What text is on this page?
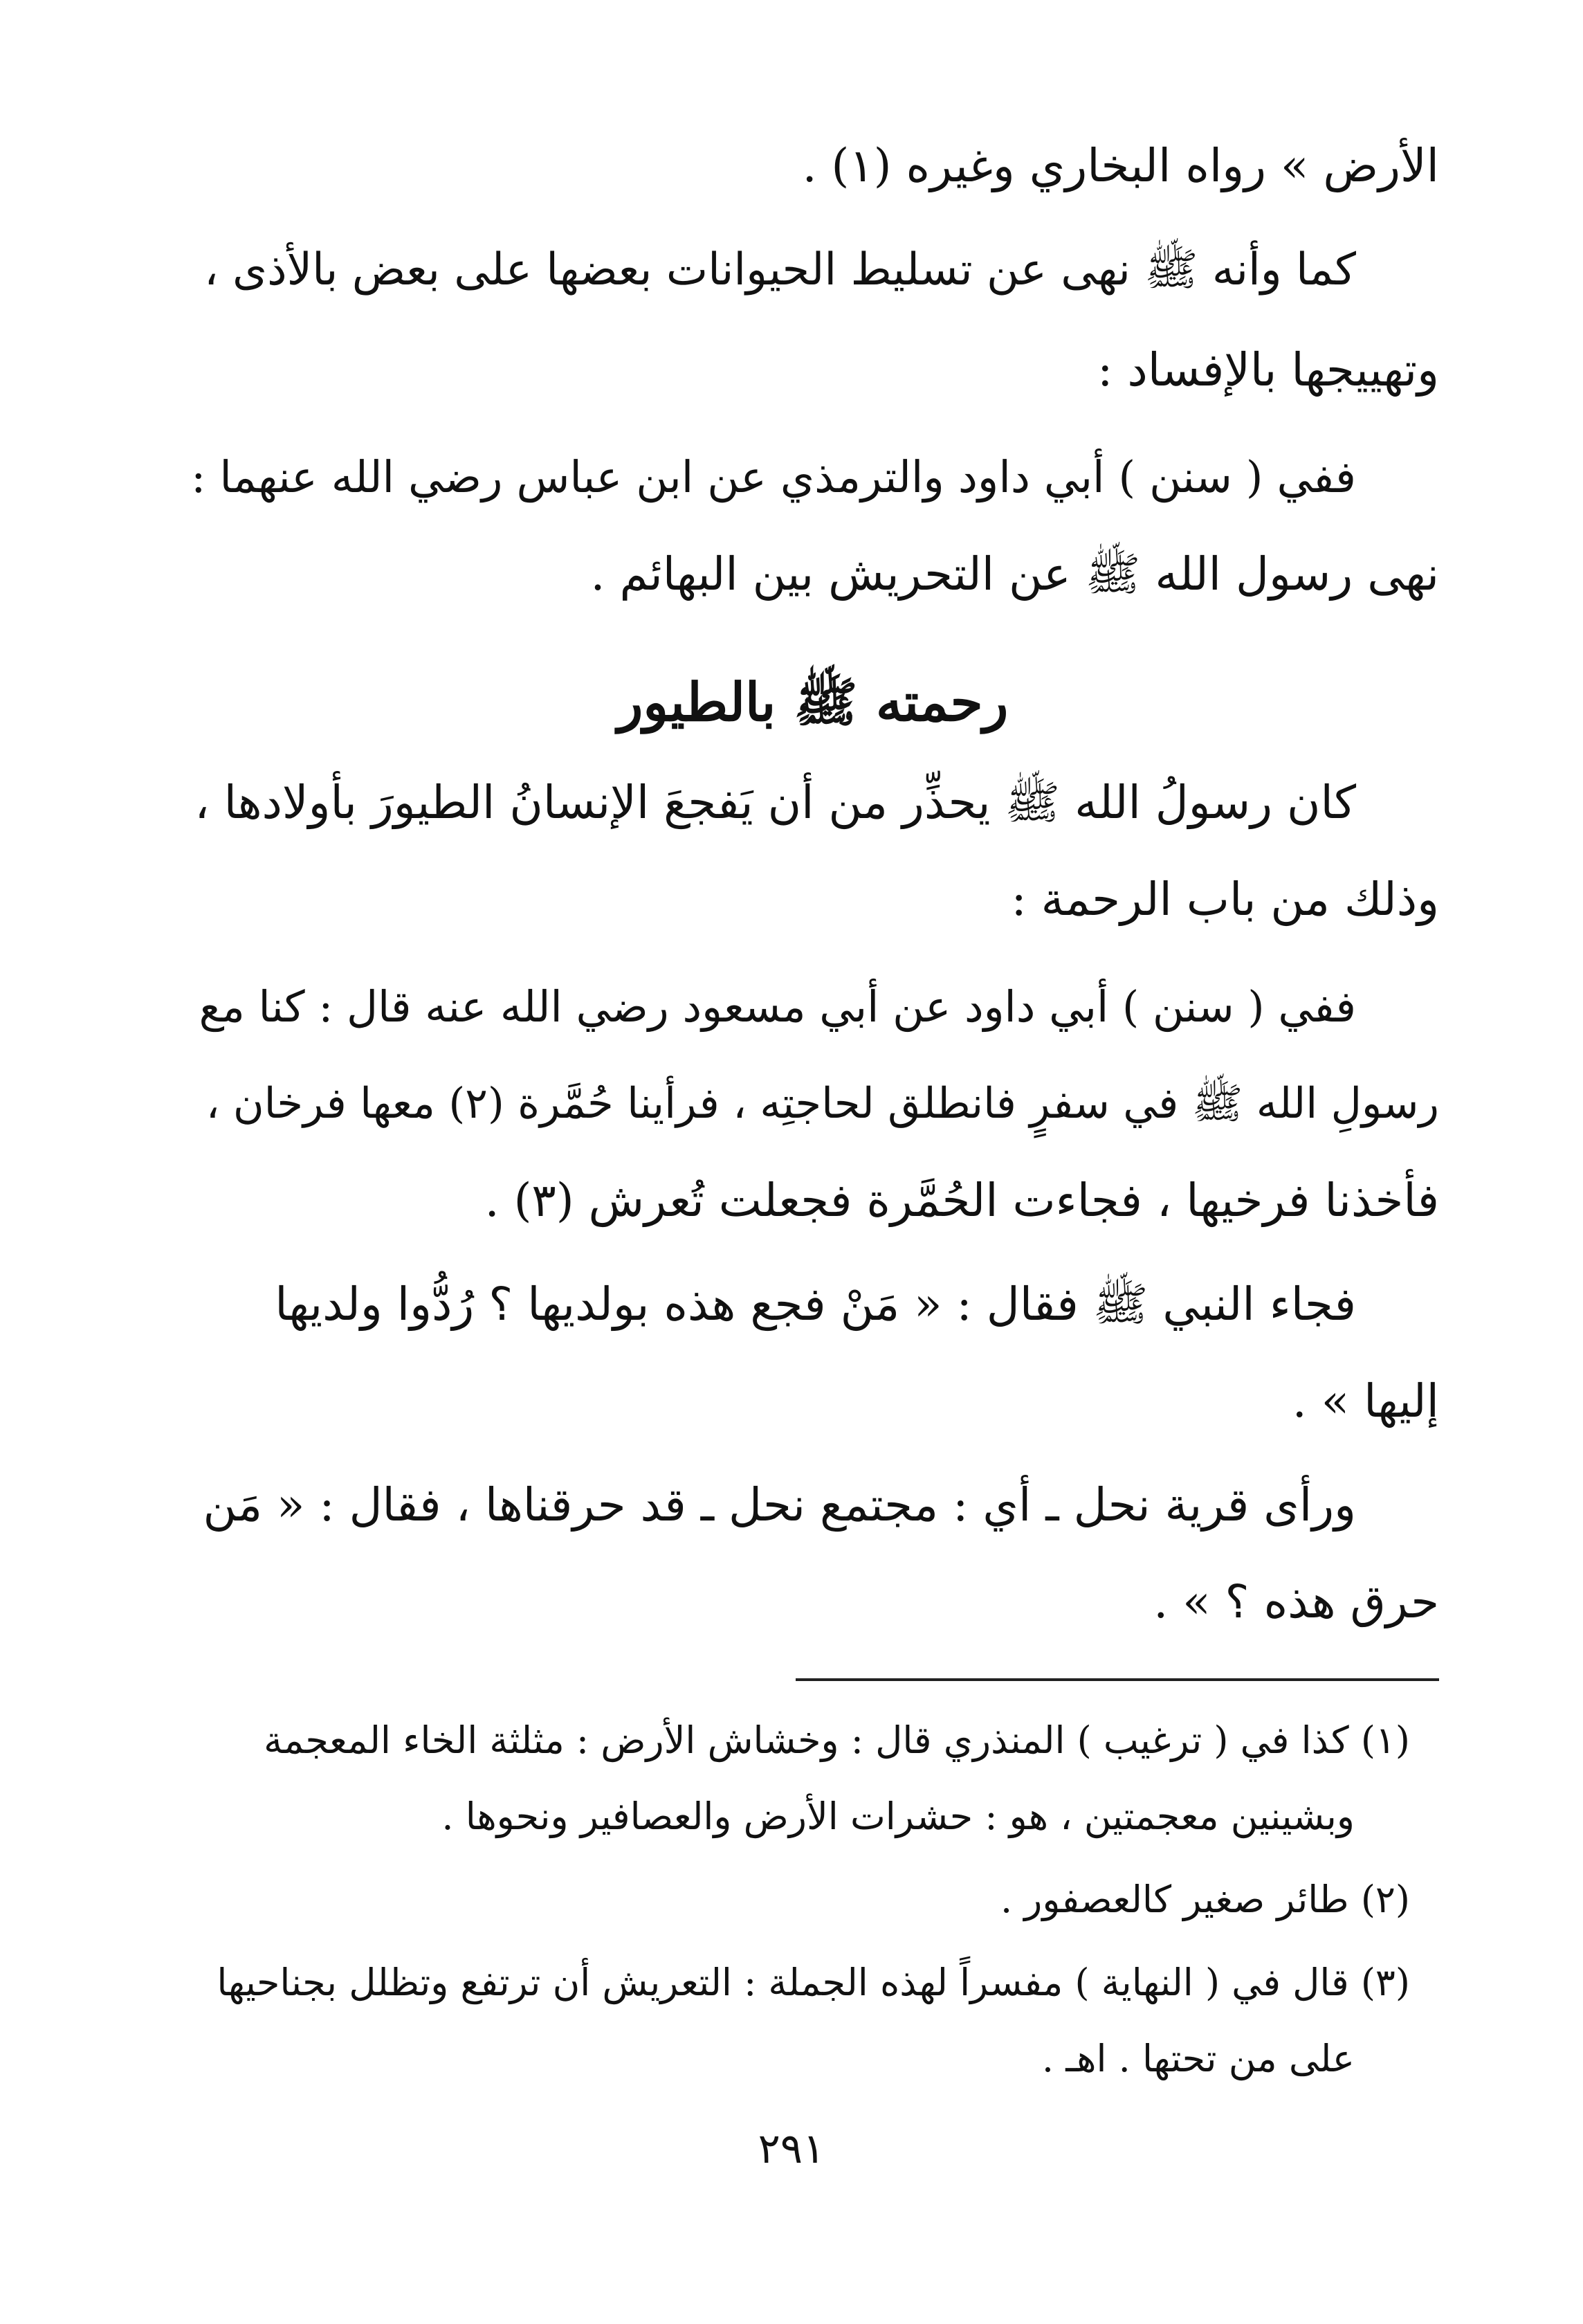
الأرض » رواه البخاري وغيره (١) .
كما وأنه ﷺ نهى عن تسليط الحيوانات بعضها على بعض بالأذى ،
وتهييجها بالإفساد :
ففي ( سنن ) أبي داود والترمذي عن ابن عباس رضي الله عنهما :
نهى رسول الله ﷺ عن التحريش بين البهائم .
رحمته ﷺ بالطيور
كان رسولُ الله ﷺ يحذِّر من أن يَفجعَ الإنسانُ الطيورَ بأولادها ،
وذلك من باب الرحمة :
ففي ( سنن ) أبي داود عن أبي مسعود رضي الله عنه قال : كنا مع
رسولِ الله ﷺ في سفرٍ فانطلق لحاجتِه ، فرأينا حُمَّرة (٢) معها فرخان ،
فأخذنا فرخيها ، فجاءت الحُمَّرة فجعلت تُعرش (٣) .
فجاء النبي ﷺ فقال : « مَنْ فجع هذه بولديها ؟ رُدُّوا ولديها
إليها » .
ورأى قرية نحل ـ أي : مجتمع نحل ـ قد حرقناها ، فقال : « مَن
حرق هذه ؟ » .
(١) كذا في ( ترغيب ) المنذري قال : وخشاش الأرض : مثلثة الخاء المعجمة
وبشينين معجمتين ، هو : حشرات الأرض والعصافير ونحوها .
(٢) طائر صغير كالعصفور .
(٣) قال في ( النهاية ) مفسراً لهذه الجملة : التعريش أن ترتفع وتظلل بجناحيها
على من تحتها . اهـ .
٢٩١
